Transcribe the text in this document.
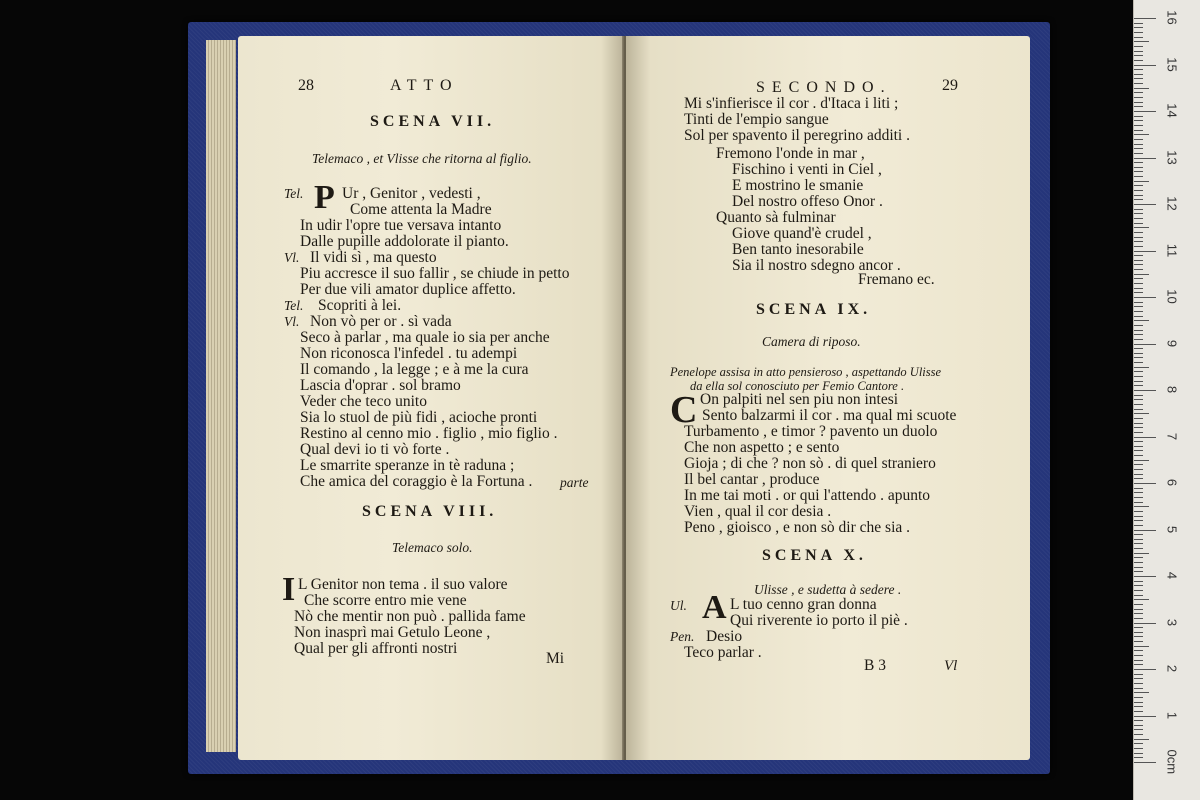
28	ATTO
SCENA VII.
Telemaco , et Vlisse che ritorna al figlio.
Tel. P Ur , Genitor , vedesti ,
Come attenta la Madre
In udir l'opre tue versava intanto
Dalle pupille addolorate il pianto.
Vl. Il vidi sì , ma questo
Piu accresce il suo fallir , se chiude in petto
Per due vili amator duplice affetto.
Tel. Scopriti à lei.
Vl. Non vò per or . sì vada
Seco à parlar , ma quale io sia per anche
Non riconosca l'infedel . tu adempi
Il comando , la legge ; e à me la cura
Lascia d'oprar . sol bramo
Veder che teco unito
Sia lo stuol de più fidi , acioche pronti
Restino al cenno mio . figlio , mio figlio .
Qual devi io ti vò forte .
Le smarrite speranze in tè raduna ;
Che amica del coraggio è la Fortuna . parte
SCENA VIII.
Telemaco solo.
I L Genitor non tema . il suo valore
Che scorre entro mie vene
Nò che mentir non può . pallida fame
Non inasprì mai Getulo Leone ,
Qual per gli affronti nostri
Mi
SECONDO.	29
Mi s'infierisce il cor . d'Itaca i liti ;
Tinti de l'empio sangue
Sol per spavento il peregrino additi .
Fremono l'onde in mar ,
Fischino i venti in Ciel ,
E mostrino le smanie
Del nostro offeso Onor .
Quanto sà fulminar
Giove quand'è crudel ,
Ben tanto inesorabile
Sia il nostro sdegno ancor .
Fremano ec.
SCENA IX.
Camera di riposo.
Penelope assisa in atto pensieroso , aspettando Ulisse
da ella sol conosciuto per Femio Cantore .
C On palpiti nel sen piu non intesi
Sento balzarmi il cor . ma qual mi scuote
Turbamento , e timor ? pavento un duolo
Che non aspetto ; e sento
Gioja ; di che ? non sò . di quel straniero
Il bel cantar , produce
In me tai moti . or qui l'attendo . apunto
Vien , qual il cor desia .
Peno , gioisco , e non sò dir che sia .
SCENA X.
Ulisse , e sudetta à sedere .
Ul. A L tuo cenno gran donna
Qui riverente io porto il piè .
Pen. Desio
Teco parlar .
B 3	Vl
0cm
1
2
3
4
5
6
7
8
9
10
11
12
13
14
15
16
